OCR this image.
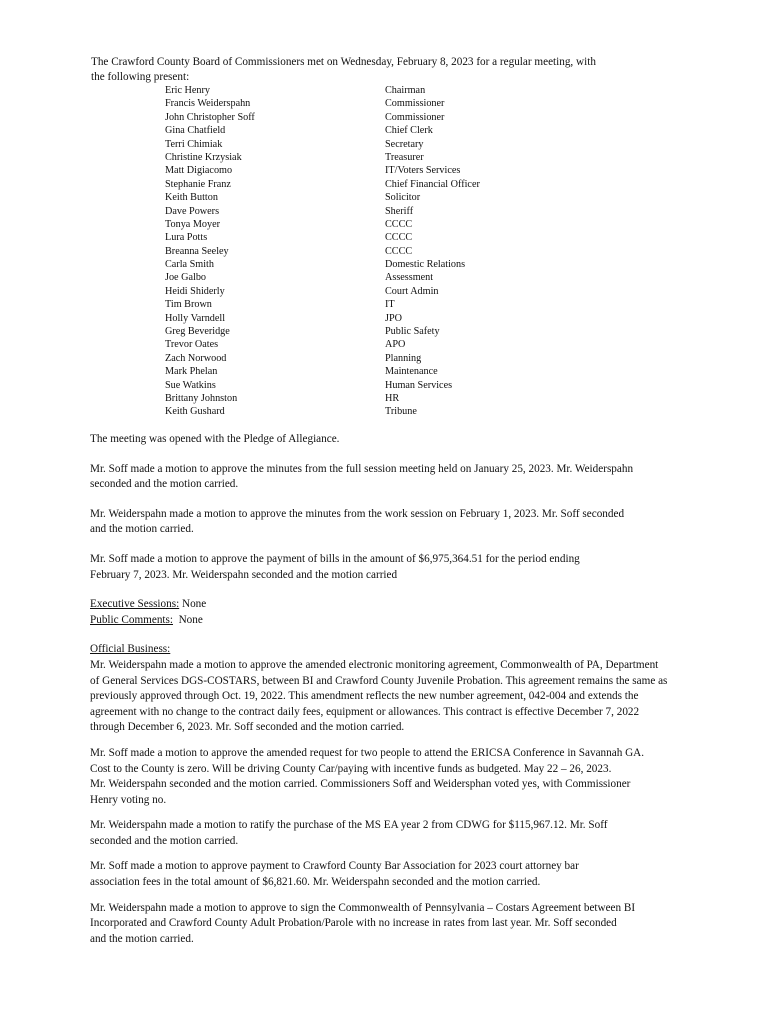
The Crawford County Board of Commissioners met on Wednesday, February 8, 2023 for a regular meeting, with
the following present:
Eric Henry	Chairman
Francis Weiderspahn	Commissioner
John Christopher Soff	Commissioner
Gina Chatfield	Chief Clerk
Terri Chimiak	Secretary
Christine Krzysiak	Treasurer
Matt Digiacomo	IT/Voters Services
Stephanie Franz	Chief Financial Officer
Keith Button	Solicitor
Dave Powers	Sheriff
Tonya Moyer	CCCC
Lura Potts	CCCC
Breanna Seeley	CCCC
Carla Smith	Domestic Relations
Joe Galbo	Assessment
Heidi Shiderly	Court Admin
Tim Brown	IT
Holly Varndell	JPO
Greg Beveridge	Public Safety
Trevor Oates	APO
Zach Norwood	Planning
Mark Phelan	Maintenance
Sue Watkins	Human Services
Brittany Johnston	HR
Keith Gushard	Tribune
The meeting was opened with the Pledge of Allegiance.
Mr. Soff made a motion to approve the minutes from the full session meeting held on January 25, 2023. Mr. Weiderspahn
seconded and the motion carried.
Mr. Weiderspahn made a motion to approve the minutes from the work session on February 1, 2023. Mr. Soff seconded
and the motion carried.
Mr. Soff made a motion to approve the payment of bills in the amount of $6,975,364.51 for the period ending
February 7, 2023. Mr. Weiderspahn seconded and the motion carried
Executive Sessions: None
Public Comments:  None
Official Business:
Mr. Weiderspahn made a motion to approve the amended electronic monitoring agreement, Commonwealth of PA, Department
of General Services DGS-COSTARS, between BI and Crawford County Juvenile Probation. This agreement remains the same as
previously approved through Oct. 19, 2022. This amendment reflects the new number agreement, 042-004 and extends the
agreement with no change to the contract daily fees, equipment or allowances. This contract is effective December 7, 2022
through December 6, 2023. Mr. Soff seconded and the motion carried.
Mr. Soff made a motion to approve the amended request for two people to attend the ERICSA Conference in Savannah GA.
Cost to the County is zero. Will be driving County Car/paying with incentive funds as budgeted. May 22 – 26, 2023.
Mr. Weiderspahn seconded and the motion carried. Commissioners Soff and Weidersphan voted yes, with Commissioner
Henry voting no.
Mr. Weiderspahn made a motion to ratify the purchase of the MS EA year 2 from CDWG for $115,967.12. Mr. Soff
seconded and the motion carried.
Mr. Soff made a motion to approve payment to Crawford County Bar Association for 2023 court attorney bar
association fees in the total amount of $6,821.60. Mr. Weiderspahn seconded and the motion carried.
Mr. Weiderspahn made a motion to approve to sign the Commonwealth of Pennsylvania – Costars Agreement between BI
Incorporated and Crawford County Adult Probation/Parole with no increase in rates from last year. Mr. Soff seconded
and the motion carried.
